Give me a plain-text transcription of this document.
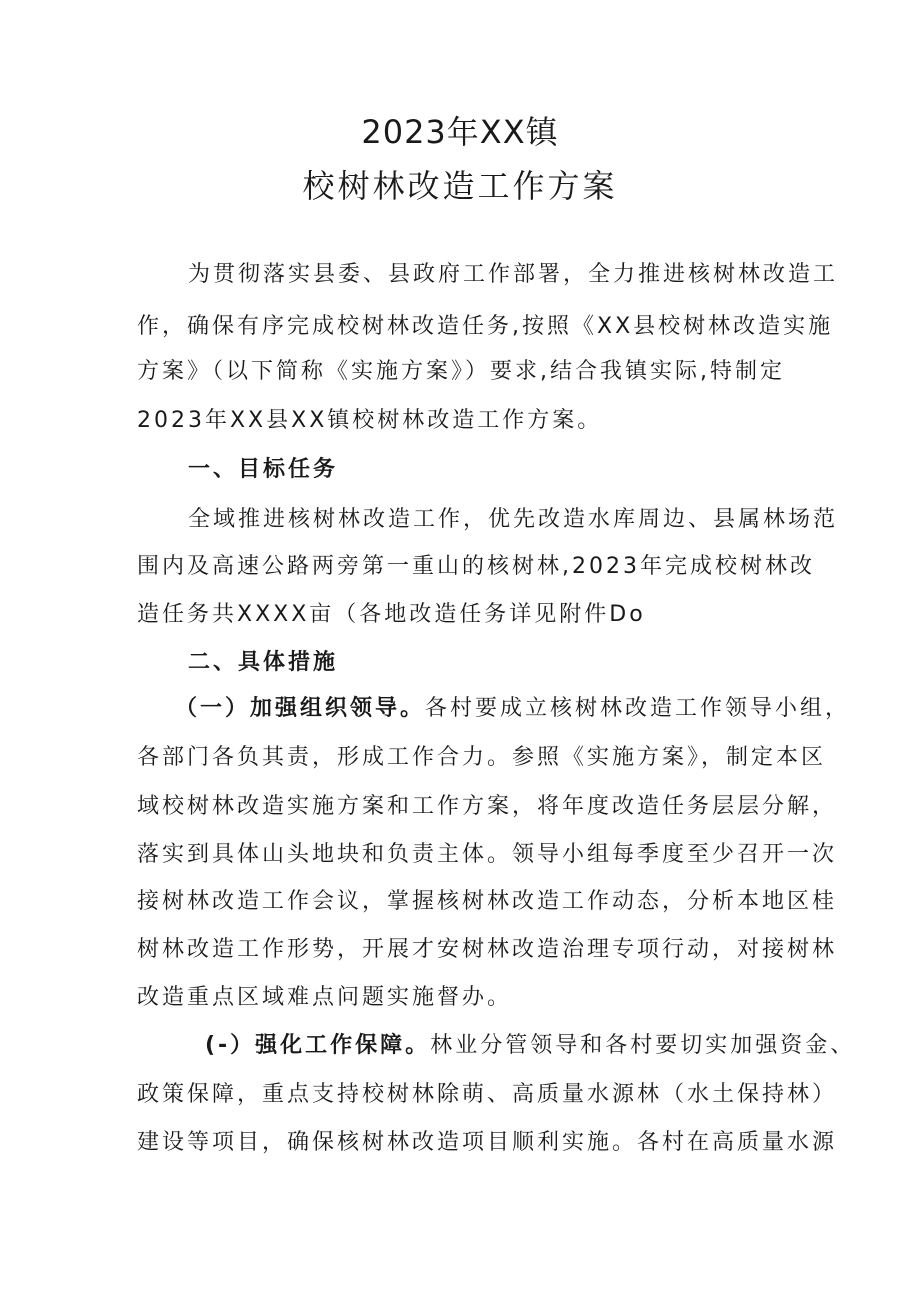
2023年XX镇
校树林改造工作方案
为贯彻落实县委、县政府工作部署，全力推进核树林改造工
作，确保有序完成校树林改造任务,按照《XX县校树林改造实施
方案》（以下简称《实施方案》）要求,结合我镇实际,特制定
2023年XX县XX镇校树林改造工作方案。
一、目标任务
全域推进核树林改造工作，优先改造水库周边、县属林场范
围内及高速公路两旁第一重山的核树林,2023年完成校树林改
造任务共XXXX亩（各地改造任务详见附件Do
二、具体措施
（一）加强组织领导。各村要成立核树林改造工作领导小组，
各部门各负其责，形成工作合力。参照《实施方案》，制定本区
域校树林改造实施方案和工作方案，将年度改造任务层层分解，
落实到具体山头地块和负责主体。领导小组每季度至少召开一次
接树林改造工作会议，掌握核树林改造工作动态，分析本地区桂
树林改造工作形势，开展才安树林改造治理专项行动，对接树林
改造重点区域难点问题实施督办。
(-）强化工作保障。林业分管领导和各村要切实加强资金、
政策保障，重点支持校树林除萌、高质量水源林（水土保持林）
建设等项目，确保核树林改造项目顺利实施。各村在高质量水源
